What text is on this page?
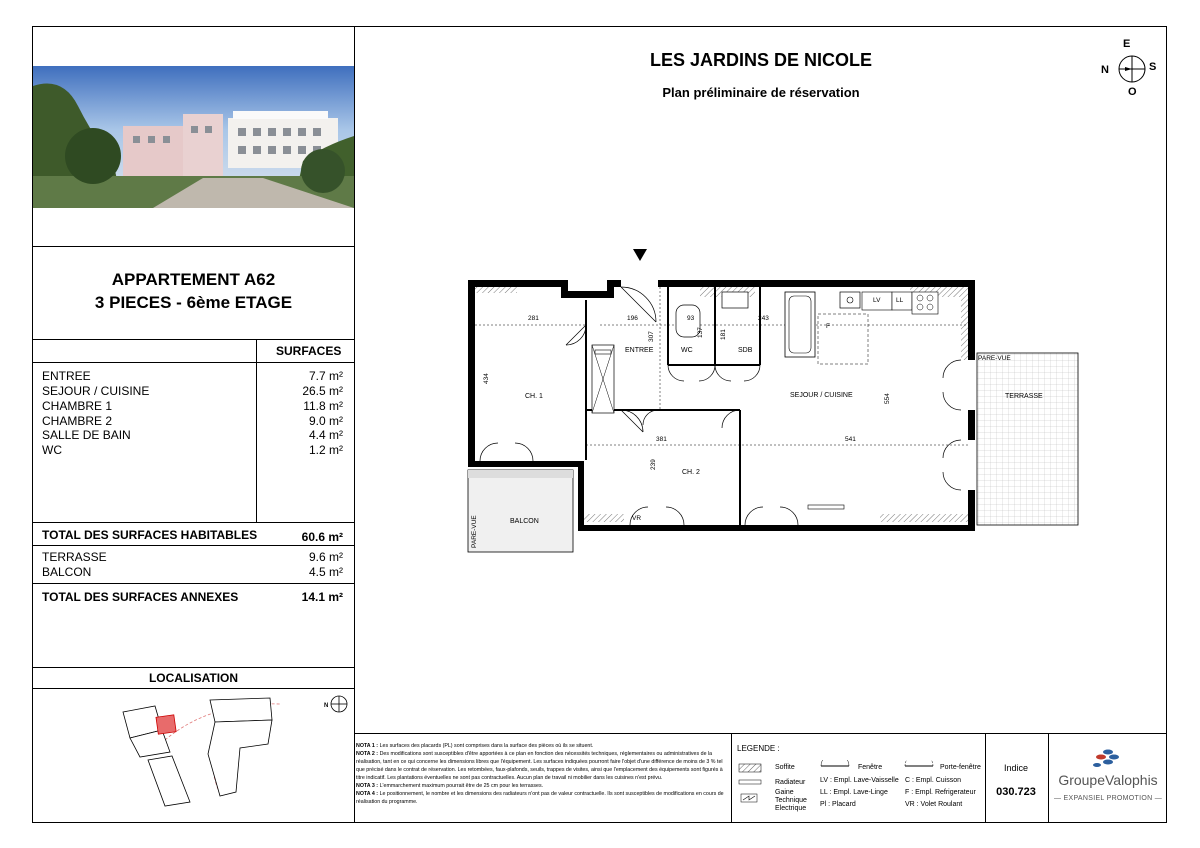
APPARTEMENT A62
3 PIECES - 6ème ETAGE
SURFACES
ENTREE	7.7 m²
SEJOUR / CUISINE	26.5 m²
CHAMBRE 1	11.8 m²
CHAMBRE 2	9.0 m²
SALLE DE BAIN	4.4 m²
WC	1.2 m²
TOTAL DES SURFACES HABITABLES	60.6 m²
TERRASSE	9.6 m²
BALCON	4.5 m²
TOTAL DES SURFACES ANNEXES	14.1 m²
LOCALISATION
N
LES JARDINS DE NICOLE
Plan préliminaire de réservation
E
N	S
O
CH. 1
ENTREE	WC	SDB
SEJOUR / CUISINE
CH. 2
TERRASSE
BALCON
PARE-VUE
PARE-VUE
LV LL
F
281	196
307
93
137 181
243
434
554
381	541
239
VR

NOTA 1 : Les surfaces des placards (PL) sont comprises dans la surface des pièces où ils se situent.

NOTA 2 : Des modifications sont susceptibles d'être apportées à ce plan en fonction des nécessités techniques, réglementaires ou administratives de la réalisation, tant en ce qui concerne les dimensions libres que l'équipement. Les surfaces indiquées pourront faire l'objet d'une différence de moins de 3 % tel que précisé dans le contrat de réservation. Les retombées, faux-plafonds, seuils, trappes de visites, ainsi que l'emplacement des équipements sont figurés à titre indicatif. Les plantations éventuelles ne sont pas contractuelles. Aucun plan de travail ni mobilier dans les cuisines n'est prévu.

NOTA 3 : L'emmarchement maximum pourrait être de 25 cm pour les terrasses.

NOTA 4 : Le positionnement, le nombre et les dimensions des radiateurs n'ont pas de valeur contractuelle. Ils sont susceptibles de modifications en cours de réalisation du programme.

LEGENDE :
Soffite
Radiateur
Gaine Technique Electrique
Fenêtre	Porte-fenêtre
LV : Empl. Lave-Vaisselle
LL : Empl. Lave-Linge
Pl : Placard
C : Empl. Cuisson
F : Empl. Refrigerateur
VR : Volet Roulant
Indice
030.723
GroupeValophis
— EXPANSIEL PROMOTION —
